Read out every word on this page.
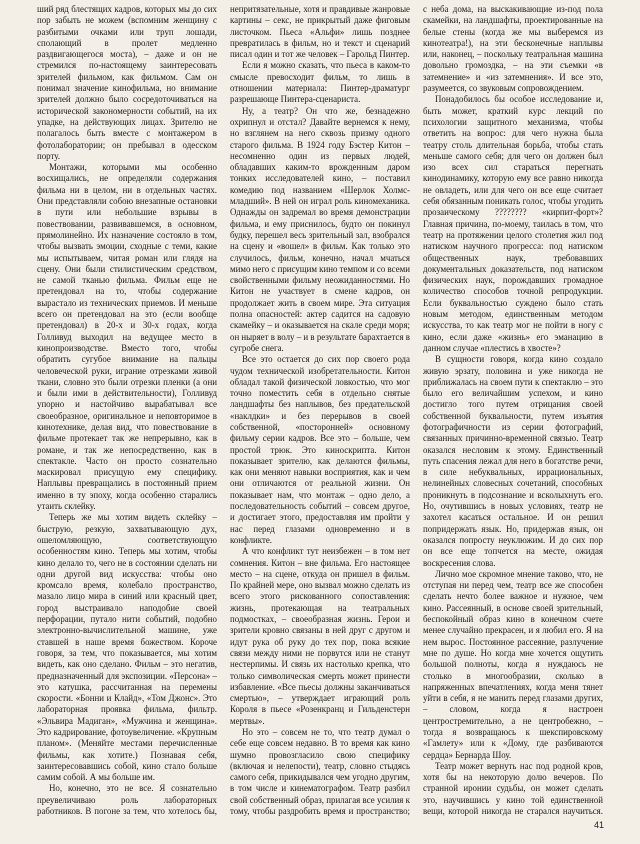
ший ряд блестящих кадров, которых мы до сих пор забыть не можем (вспомним женщину с разбитыми очками или труп лошади, сполающий в пролет медленно раздвигающегося моста), – даже и он не стремился по-настоящему заинтересовать зрителей фильмом, как фильмом. Сам он понимал значение кинофильма, но внимание зрителей должно было сосредоточиваться на исторической закономерности событий, на их упадке, на действующих лицах. Зрителю не полагалось быть вместе с монтажером в фотолаборатории; он пребывал в одесском порту.

Монтажи, которыми мы особенно восхищались, не определяли содержания фильма ни в целом, ни в отдельных частях. Они представляли собою внезапные остановки в пути или небольшие взрывы в повествовании, развивавшемся, в основном, прямолинейно. Их назначение состояло в том, чтобы вызвать эмоции, сходные с теми, какие мы испытываем, читая роман или глядя на сцену. Они были стилистическим средством, не самой тканью фильма. Фильм еще не претендовал на то, чтобы содержание вырастало из технических приемов. И меньше всего он претендовал на это (если вообще претендовал) в 20-х и 30-х годах, когда Голливуд выходил на ведущее место в кинопроизводстве. Вместо того, чтобы обратить сугубое внимание на пальцы человеческой руки, играние отрезками живой ткани, словно это были отрезки пленки (а они и были ими в действительности), Голливуд упорно и настойчиво вырабатывал все своеобразное, оригинальное и неповторимое в кинотехнике, делая вид, что повествование в фильме протекает так же непрерывно, как в романе, и так же непосредственно, как в спектакле. Часто он просто сознательно маскировал присущую ему специфику. Наплывы превращались в постоянный прием именно в ту эпоху, когда особенно старались утаить склейку.

Теперь же мы хотим видеть склейку – быструю, резкую, захватывающую дух, ошеломляющую, соответствующую особенностям кино. Теперь мы хотим, чтобы кино делало то, чего не в состоянии сделать ни одни другой вид искусства: чтобы оно кромсало время, колебало пространство, мазало лицо мира в синий или красный цвет, город выстраивало наподобие своей перфорации, путало нити событий, подобно электронно-вычислительной машине, уже ставшей в наше время божеством. Короче говоря, за тем, что показывается, мы хотим видеть, как оно сделано. Фильм – это негатив, предназначенный для экспозиции. «Персона» – это катушка, рассчитанная на перемены скорости. «Бонни и Клайд», «Том Джонс». Это лабораторная проявка фильма, фильтр. «Эльвира Мадиган», «Мужчина и женщина». Это кадрирование, фотоувеличение. «Крупным планом». (Меняйте местами перечисленные фильмы, как хотите.) Познавая себя, заинтересовавшись собой, кино стало больше самим собой. А мы больше им.

Но, конечно, это не все. Я сознательно преувеличиваю роль лабораторных работников. В погоне за тем, что хотелось бы,

непритязательные, хотя и правдивые жанровые картины – секс, не прикрытый даже фиговым листочком. Пьеса «Альфи» лишь позднее превратилась в фильм, но и текст и сценарий писал один и тот же человек – Гарольд Пинтер.

Если я можно сказать, что пьеса в каком-то смысле превосходит фильм, то лишь в отношении материала: Пинтер-драматург разрешающе Пинтера-сценариста.

Ну, а театр? Он что же, безнадежно охрипнул и отстал? Давайте вернемся к нему, но взглянем на него сквозь призму одного старого фильма. В 1924 году Бэстер Китон – несомненно один из первых людей, обладавших каким-то врожденным даром тонких исследователей кино, – поставил комедию под названием «Шерлок Холмс-младший». В ней он играл роль киномеханика. Однажды он задремал во время демонстрации фильма, и ему приснилось, будто он покинул будку, перешел весь зрительный зал, взобрался на сцену и «вошел» в фильм. Как только это случилось, фильм, конечно, начал мчаться мимо него с присущим кино темпом и со всеми свойственными фильму неожиданностями. Но Китон не участвует в смене кадров, он продолжает жить в своем мире. Эта ситуация полна опасностей: актер садится на садовую скамейку – и оказывается на скале среди моря; он ныряет в волу – и в результате барахтается в сугробе снега.

Все это остается до сих пор своего рода чудом технической изобретательности. Китон обладал такой физической ловкостью, что мог точно поместить себя в отдельно снятые ландшафты без наплывов, без предательской «наклдки» и без перерывов в своей собственной, «посторонней» основному фильму серии кадров. Все это – больше, чем простой трюк. Это киноскрипта. Китон показывает зрителю, как делаются фильмы, как они меняют навыки восприятия, как и чем они отличаются от реальной жизни. Он показывает нам, что монтаж – одно дело, а последовательность событий – совсем другое, и достигает этого, предоставляя им пройти у нас перед глазами одновременно и в конфликте.

А что конфликт тут неизбежен – в том нет сомнения. Китон – вне фильма. Его настоящее место – на сцене, откуда он пришел в фильм. По крайней мере, оно вызвал можно сделать из всего этого рискованного сопоставления: жизнь, протекающая на театральных подмостках, – своеобразная жизнь. Герои и зрители кровно связаны в ней друг с другом и идут рука об руку до тех пор, пока всякие связи между ними не порвутся или не станут нестерпимы. И связь их настолько крепка, что только символическая смерть может принести избавление. «Все пьесы должны заканчиваться смертью», – утверждает играющий роль Короля в пьесе «Розенкранц и Гильденстерн мертвы».

Но это – совсем не то, что театр думал о себе еще совсем недавно. В то время как кино шумно провозгласило свою специфику (включая и нелепости), театр, словно стыдясь самого себя, прикидывался чем угодно другим, в том числе и кинематографом. Театр разбил свой собственный образ, прилагая все усилия к тому, чтобы раздробить время и пространство;

с неба дома, на выскакивающие из-под пола скамейки, на ландшафты, проектированные на белые стены (когда же мы выберемся из кинотеатра!), на эти бесконечные наплывы или, наконец, – поскольку театральная машина довольно громоздка, – на эти съемки «в затемнение» и «из затемнения». И все это, разумеется, со звуковым сопровождением.

Понадобилось бы особое исследование и, быть может, краткий курс лекций по психологии защитного механизма, чтобы ответить на вопрос: для чего нужна была театру столь длительная борьба, чтобы стать меньше самого себя; для чего он должен был изо всех сил стараться перегнать кинодинамику, которую ему все равно никогда не овладеть, или для чего он все еще считает себя обязанным поникать голос, чтобы угодить прозаическому ???????? «кирпит-форт»? Главная причина, по-моему, таилась в том, что театр на протяжении целого столетия жил под натиском научного прогресса: под натиском общественных наук, требовавших документальных доказательств, под натиском физических наук, порождавших громадное количество способов точной репродукции. Если буквальностью суждено было стать новым методом, единственным методом искусства, то как театр мог не пойти в ногу с кино, если даже «жизнь» его эманацию в данном случае «плестись в хвосте»?

В сущности говоря, когда кино создало живую эрзату, половина и уже никогда не приближалась на своем пути к спектаклю – это было его величайшим успехом, и кино достигло того путем отрицания своей собственной буквальности, путем изъятия фотографичности из серии фотографий, связанных причинно-временной связью. Театр оказался несловим к этому. Единственный путь спасения лежал для него в богатстве речи, в силе небуквальных, иррациональных, нелинейных словесных сочетаний, способных проникнуть в подсознание и всколыхнуть его. Но, очутившись в новых условиях, театр не захотел касаться остальное. И он решил попридержать язык. Но, придержав язык, он оказался попросту неуклюжим. И до сих пор он все еще топчется на месте, ожидая воскресения слова.

Лично мое скромное мнение таково, что, не отступая ни перед чем, театр все же способен сделать нечто более важное и нужное, чем кино. Рассеянный, в основе своей зрительный, беспокойный образ кино в конечном счете менее случайно прекрасен, и я любил его. Я на нем вырос. Постоянное рассеяние, разлучение мне по душе. Но когда мне хочется ощутить большой полноты, когда я нуждаюсь не столько в многообразии, сколько в напряженных впечатлениях, когда меня тянет уйти в себя, я не манить перед глазами других, – словом, когда я настроен центростремительно, а не центробежно, – тогда я возвращаюсь к шекспировскому «Гамлету» или к «Дому, где разбиваются сердца» Бернарда Шоу.

Театр может вернуть нас под родной кров, хотя бы на некоторую долю вечеров. По странной иронии судьбы, он может сделать это, научившись у кино той единственной вещи, которой никогда не старался научиться.

41
